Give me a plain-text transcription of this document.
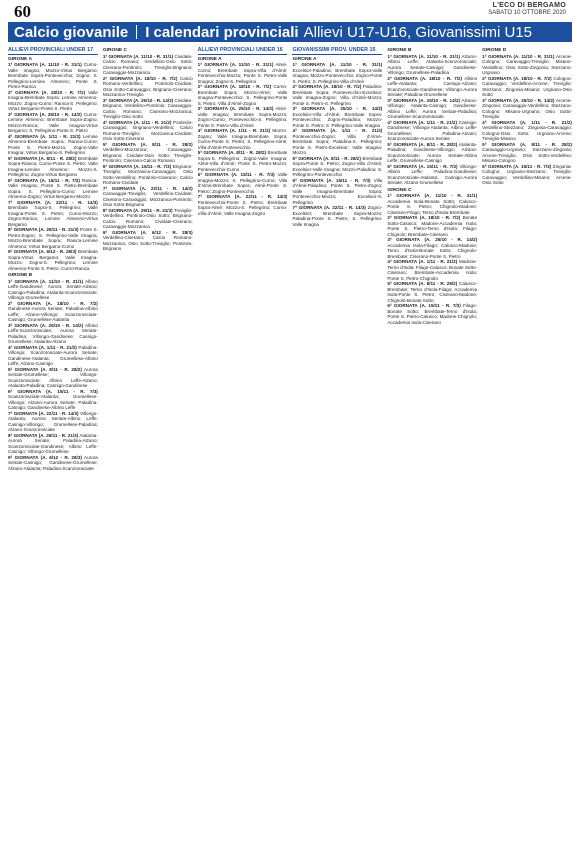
60	L'ECO DI BERGAMO
SABATO 10 OTTOBRE 2020
Calcio giovanile I calendari provinciali Allievi U17-U16, Giovanissimi U15
ALLIEVI PROVINCIALI UNDER 17
GIRONE A
1ª GIORNATA (A. 11/10 - R. 31/1) Curno-Valle Imagna; Mozzo-Virtus Bergamo; Brembate Sopra-Pontevecchio; Zogno; S. Pellegrino-Lemine Almenno; Ponte S. Pietro-Ranica
2ª GIORNATA (A. 18/10 - R. 7/2) Valle Imagna-Brembate Sopra; Lemine Almenno-Mozzo; Zogno-Curno; Ranica-S. Pellegrino; Virtus Bergamo-Ponte S. Pietro
3ª GIORNATA (A. 25/10 - R. 14/2) Curno-Lemine Almenno; Brembate Sopra-Zogno; Mozzo-Ranica; Valle Imagna-Virtus Bergamo; S. Pellegrino-Ponte S. Pietro
4ª GIORNATA (A. 1/11 - R. 21/2) Lemine Almenno-Brembate Sopra; Ranica-Curno; Ponte S. Pietro-Mozzo; Zogno-Valle Imagna; Virtus Bergamo-S. Pellegrino
5ª GIORNATA (A. 8/11 - R. 28/2) Brembate Sopra-Ranica; Curno-Ponte S. Pietro; Valle Imagna-Lemine Almenno; Mozzo-S. Pellegrino; Zogno-Virtus Bergamo
6ª GIORNATA (A. 15/11 - R. 7/3) Ranica-Valle Imagna; Ponte S. Pietro-Brembate Sopra; S. Pellegrino-Curno; Lemine Almenno-Zogno; Virtus Bergamo-Mozzo
7ª GIORNATA (A. 22/11 - R. 14/3) Brembate Sopra-S. Pellegrino; Valle Imagna-Ponte S. Pietro; Curno-Mozzo; Zogno-Ranica; Lemine Almenno-Virtus Bergamo
8ª GIORNATA (A. 29/11 - R. 21/3) Ponte S. Pietro-Zogno; S. Pellegrino-Valle Imagna; Mozzo-Brembate Sopra; Ranica-Lemine Almenno; Virtus Bergamo-Curno
9ª GIORNATA (A. 6/12 - R. 28/3) Brembate Sopra-Virtus Bergamo; Valle Imagna-Mozzo; Zogno-S. Pellegrino; Lemine Almenno-Ponte S. Pietro; Curno-Ranica
GIRONE B
1ª GIORNATA (A. 11/10 - R. 31/1) Albino Leffe-Gandinese; Aurora Seriate-Alzano; Casnigo-Paladina; Atalanta-Scanzorosciate; Villongo-Grumellese
2ª GIORNATA (A. 18/10 - R. 7/2) Gandinese-Aurora Seriate; Paladina-Albino Leffe; Alzano-Villongo; Scanzorosciate-Casnigo; Grumellese-Atalanta
3ª GIORNATA (A. 25/10 - R. 14/2) Albino Leffe-Scanzorosciate; Aurora Seriate-Paladina; Villongo-Gandinese; Casnigo-Grumellese; Atalanta-Alzano
4ª GIORNATA (A. 1/11 - R. 21/2) Paladina-Villongo; Scanzorosciate-Aurora Seriate; Gandinese-Atalanta; Grumellese-Albino Leffe; Alzano-Casnigo
5ª GIORNATA (A. 8/11 - R. 28/2) Aurora Seriate-Grumellese; Villongo-Scanzorosciate; Albino Leffe-Alzano; Atalanta-Paladina; Casnigo-Gandinese
6ª GIORNATA (A. 15/11 - R. 7/3) Scanzorosciate-Atalanta; Grumellese-Villongo; Alzano-Aurora Seriate; Paladina-Casnigo; Gandinese-Albino Leffe
7ª GIORNATA (A. 22/11 - R. 14/3) Villongo-Atalanta; Aurora Seriate-Albino Leffe; Casnigo-Villongo; Grumellese-Paladina; Alzano-Scanzorosciate
8ª GIORNATA (A. 29/11 - R. 21/3) Atalanta-Aurora Seriate; Paladina-Alzano; Scanzorosciate-Gandinese; Albino Leffe-Casnigo; Villongo-Grumellese
9ª GIORNATA (A. 6/12 - R. 28/3) Aurora Seriate-Casnigo; Gandinese-Grumellese; Alzano-Atalanta; Paladina-Scanzorosciate
GIRONE C
1ª GIORNATA (A. 11/10 - R. 31/1) Cividate-Calcio Romano; Verdellino-Osio Sotto; Ciserano-Pontirolo; Treviglio-Brignano; Caravaggio-Mozzanica
2ª GIORNATA (A. 18/10 - R. 7/2) Calcio Romano-Verdellino; Pontirolo-Cividate; Osio Sotto-Caravaggio; Brignano-Ciserano; Mozzanica-Treviglio
3ª GIORNATA (A. 25/10 - R. 14/2) Cividate-Brignano; Verdellino-Pontirolo; Caravaggio-Calcio Romano; Ciserano-Mozzanica; Treviglio-Osio Sotto
4ª GIORNATA (A. 1/11 - R. 21/2) Pontirolo-Caravaggio; Brignano-Verdellino; Calcio Romano-Treviglio; Mozzanica-Cividate; Osio Sotto-Ciserano
5ª GIORNATA (A. 8/11 - R. 28/2) Verdellino-Mozzanica; Caravaggio-Brignano; Cividate-Osio Sotto; Treviglio-Pontirolo; Ciserano-Calcio Romano
6ª GIORNATA (A. 15/11 - R. 7/3) Brignano-Treviglio; Mozzanica-Caravaggio; Osio Sotto-Verdellino; Pontirolo-Ciserano; Calcio Romano-Cividate
7ª GIORNATA (A. 22/11 - R. 14/3) Caravaggio-Treviglio; Verdellino-Cividate; Ciserano-Caravaggio; Mozzanica-Pontirolo; Osio Sotto-Brignano
8ª GIORNATA (A. 29/11 - R. 21/3) Treviglio-Verdellino; Pontirolo-Osio Sotto; Brignano-Calcio Romano; Cividate-Ciserano; Caravaggio-Mozzanica
9ª GIORNATA (A. 6/12 - R. 28/3) Verdellino-Ciserano; Calcio Romano-Mozzanica; Osio Sotto-Treviglio; Pontirolo-Brignano
ALLIEVI PROVINCIALI UNDER 16
GIRONE A
1ª GIORNATA (A. 11/10 - R. 31/1) Almè-Curno; Brembate Sopra-Villa d'Almè; Pontevecchio-Mozzo; Ponte S. Pietro-Valle Imagna; Zogno-S. Pellegrino
2ª GIORNATA (A. 18/10 - R. 7/2) Curno-Brembate Sopra; Mozzo-Almè; Valle Imagna-Pontevecchio; S. Pellegrino-Ponte S. Pietro; Villa d'Almè-Zogno
3ª GIORNATA (A. 25/10 - R. 14/2) Almè-Valle Imagna; Brembate Sopra-Mozzo; Zogno-Curno; Pontevecchio-S. Pellegrino; Ponte S. Pietro-Villa d'Almè
4ª GIORNATA (A. 1/11 - R. 21/2) Mozzo-Zogno; Valle Imagna-Brembate Sopra; Curno-Ponte S. Pietro; S. Pellegrino-Almè; Villa d'Almè-Pontevecchio
5ª GIORNATA (A. 8/11 - R. 28/2) Brembate Sopra-S. Pellegrino; Zogno-Valle Imagna; Almè-Villa d'Almè; Ponte S. Pietro-Mozzo; Pontevecchio-Curno
6ª GIORNATA (A. 15/11 - R. 7/3) Valle Imagna-Mozzo; S. Pellegrino-Curno; Villa d'Almè-Brembate Sopra; Almè-Ponte S. Pietro; Zogno-Pontevecchio
7ª GIORNATA (A. 22/11 - R. 14/3) Pontevecchio-Ponte S. Pietro; Brembate Sopra-Almè; Mozzo-S. Pellegrino; Curno-Villa d'Almè; Valle Imagna-Zogno
GIOVANISSIMI PROV. UNDER 15
GIRONE A
1ª GIORNATA (A. 11/10 - R. 31/1) Excelsior-Paladina; Brembate Sopra-Valle Imagna; Mozzo-Pontevecchio; Zogno-Ponte S. Pietro; S. Pellegrino-Villa d'Almè
2ª GIORNATA (A. 18/10 - R. 7/2) Paladina-Brembate Sopra; Pontevecchio-Excelsior; Valle Imagna-Zogno; Villa d'Almè-Mozzo; Ponte S. Pietro-S. Pellegrino
3ª GIORNATA (A. 25/10 - R. 14/2) Excelsior-Villa d'Almè; Brembate Sopra-Pontevecchio; Zogno-Paladina; Mozzo-Ponte S. Pietro; S. Pellegrino-Valle Imagna
4ª GIORNATA (A. 1/11 - R. 21/2) Pontevecchio-Zogno; Villa d'Almè-Brembate Sopra; Paladina-S. Pellegrino; Ponte S. Pietro-Excelsior; Valle Imagna-Mozzo
5ª GIORNATA (A. 8/11 - R. 28/2) Brembate Sopra-Ponte S. Pietro; Zogno-Villa d'Almè; Excelsior-Valle Imagna; Mozzo-Paladina; S. Pellegrino-Pontevecchio
6ª GIORNATA (A. 15/11 - R. 7/3) Villa d'Almè-Paladina; Ponte S. Pietro-Zogno; Valle Imagna-Brembate Sopra; Pontevecchio-Mozzo; Excelsior-S. Pellegrino
7ª GIORNATA (A. 22/11 - R. 14/3) Zogno-Excelsior; Brembate Sopra-Mozzo; Paladina-Ponte S. Pietro; S. Pellegrino-Valle Imagna
GIRONE B
1ª GIORNATA (A. 11/10 - R. 31/1) Alzano-Albino Leffe; Atalanta-Scanzorosciate; Aurora Seriate-Casnigo; Gandinese-Villongo; Grumellese-Paladina
2ª GIORNATA (A. 18/10 - R. 7/2) Albino Leffe-Atalanta; Casnigo-Alzano; Scanzorosciate-Gandinese; Villongo-Aurora Seriate; Paladina-Grumellese
3ª GIORNATA (A. 25/10 - R. 14/2) Alzano-Villongo; Atalanta-Casnigo; Gandinese-Albino Leffe; Aurora Seriate-Paladina; Grumellese-Scanzorosciate
4ª GIORNATA (A. 1/11 - R. 21/2) Casnigo-Gandinese; Villongo-Atalanta; Albino Leffe-Grumellese; Paladina-Alzano; Scanzorosciate-Aurora Seriate
5ª GIORNATA (A. 8/11 - R. 28/2) Atalanta-Paladina; Gandinese-Villongo; Alzano-Scanzorosciate; Aurora Seriate-Albino Leffe; Grumellese-Casnigo
6ª GIORNATA (A. 15/11 - R. 7/3) Villongo-Albino Leffe; Paladina-Gandinese; Scanzorosciate-Atalanta; Casnigo-Aurora Seriate; Alzano-Grumellese
GIRONE C
1ª GIORNATA (A. 11/10 - R. 31/1) Accademia Isola-Bonate Sotto; Calusco-Ponte S. Pietro; Chignolo-Madone; Ciserano-Filago; Terno d'Isola-Brembate
2ª GIORNATA (A. 18/10 - R. 7/2) Bonate Sotto-Calusco; Madone-Accademia Isola; Ponte S. Pietro-Terno d'Isola; Filago-Chignolo; Brembate-Ciserano
3ª GIORNATA (A. 25/10 - R. 14/2) Accademia Isola-Filago; Calusco-Madone; Terno d'Isola-Bonate Sotto; Chignolo-Brembate; Ciserano-Ponte S. Pietro
4ª GIORNATA (A. 1/11 - R. 21/2) Madone-Terno d'Isola; Filago-Calusco; Bonate Sotto-Ciserano; Brembate-Accademia Isola; Ponte S. Pietro-Chignolo
5ª GIORNATA (A. 8/11 - R. 28/2) Calusco-Brembate; Terno d'Isola-Filago; Accademia Isola-Ponte S. Pietro; Ciserano-Madone; Chignolo-Bonate Sotto
6ª GIORNATA (A. 15/11 - R. 7/3) Filago-Bonate Sotto; Brembate-Terno d'Isola; Ponte S. Pietro-Calusco; Madone-Chignolo; Accademia Isola-Ciserano
GIRONE D
1ª GIORNATA (A. 11/10 - R. 31/1) Arcene-Cologno; Caravaggio-Treviglio; Misano-Verdellino; Osio Sotto-Zingonia; Stezzano-Urgnano
2ª GIORNATA (A. 18/10 - R. 7/2) Cologno-Caravaggio; Verdellino-Arcene; Treviglio-Stezzano; Zingonia-Misano; Urgnano-Osio Sotto
3ª GIORNATA (A. 25/10 - R. 14/2) Arcene-Zingonia; Caravaggio-Verdellino; Stezzano-Cologno; Misano-Urgnano; Osio Sotto-Treviglio
4ª GIORNATA (A. 1/11 - R. 21/2) Verdellino-Stezzano; Zingonia-Caravaggio; Cologno-Osio Sotto; Urgnano-Arcene; Treviglio-Misano
5ª GIORNATA (A. 8/11 - R. 28/2) Caravaggio-Urgnano; Stezzano-Zingonia; Arcene-Treviglio; Osio Sotto-Verdellino; Misano-Cologno
6ª GIORNATA (A. 15/11 - R. 7/3) Zingonia-Cologno; Urgnano-Stezzano; Treviglio-Caravaggio; Verdellino-Misano; Arcene-Osio Sotto
